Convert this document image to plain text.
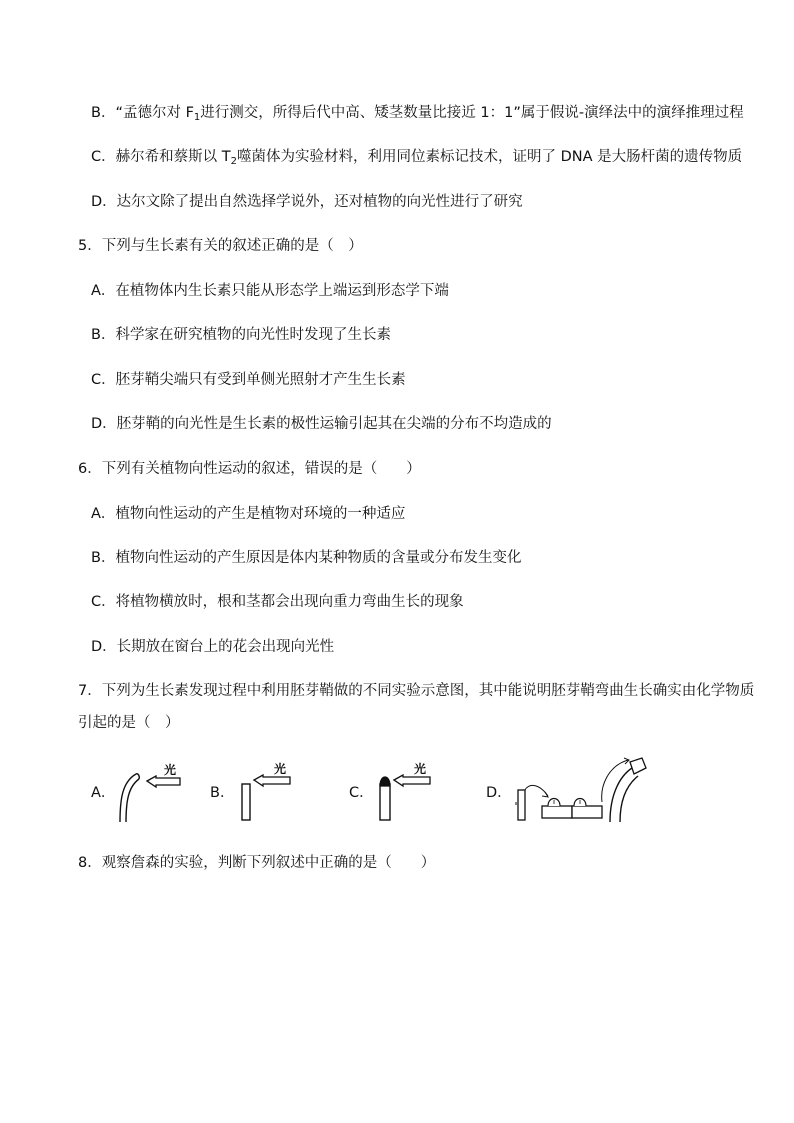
B．“孟德尔对 $F_1$进行测交，所得后代中高、矮茎数量比接近 1：1”属于假说-演绎法中的演绎推理过程
C．赫尔希和蔡斯以 $T_2$噬菌体为实验材料，利用同位素标记技术，证明了 DNA 是大肠杆菌的遗传物质
D．达尔文除了提出自然选择学说外，还对植物的向光性进行了研究
5．下列与生长素有关的叙述正确的是（　）
A．在植物体内生长素只能从形态学上端运到形态学下端
B．科学家在研究植物的向光性时发现了生长素
C．胚芽鞘尖端只有受到单侧光照射才产生生长素
D．胚芽鞘的向光性是生长素的极性运输引起其在尖端的分布不均造成的
6．下列有关植物向性运动的叙述，错误的是（　　）
A．植物向性运动的产生是植物对环境的一种适应
B．植物向性运动的产生原因是体内某种物质的含量或分布发生变化
C．将植物横放时，根和茎都会出现向重力弯曲生长的现象
D．长期放在窗台上的花会出现向光性
7．下列为生长素发现过程中利用胚芽鞘做的不同实验示意图，其中能说明胚芽鞘弯曲生长确实由化学物质
引起的是（　）
A．	B．	C．	D．
光	光	光
8．观察詹森的实验，判断下列叙述中正确的是（　　）
